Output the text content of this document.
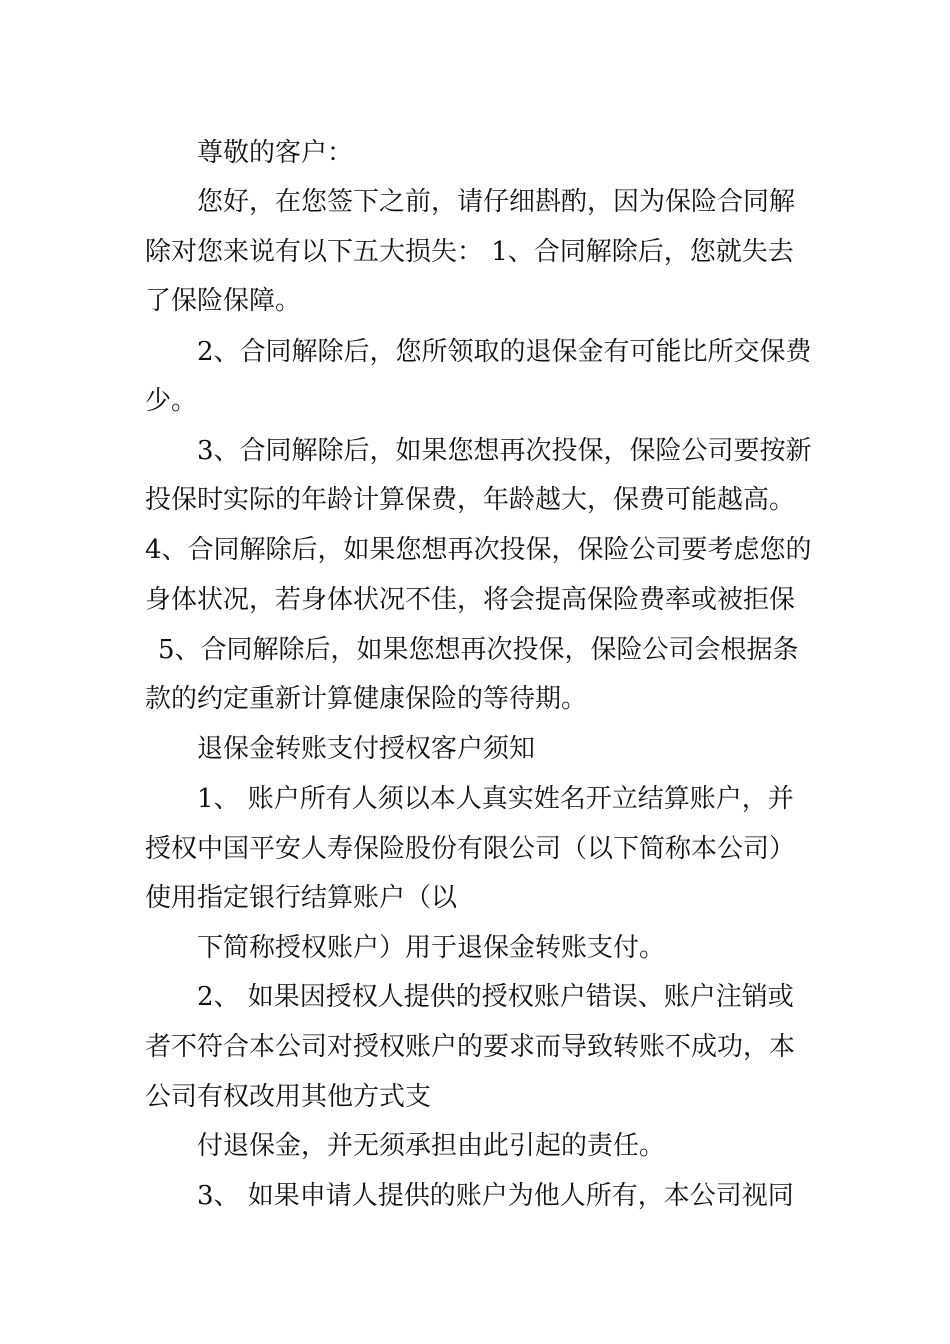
尊敬的客户：

您好，在您签下之前，请仔细斟酌，因为保险合同解

除对您来说有以下五大损失： 1、合同解除后，您就失去

了保险保障。

2、合同解除后，您所领取的退保金有可能比所交保费

少。

3、合同解除后，如果您想再次投保，保险公司要按新

投保时实际的年龄计算保费，年龄越大，保费可能越高。

4、合同解除后，如果您想再次投保，保险公司要考虑您的

身体状况，若身体状况不佳，将会提高保险费率或被拒保

5、合同解除后，如果您想再次投保，保险公司会根据条

款的约定重新计算健康保险的等待期。

退保金转账支付授权客户须知

1、 账户所有人须以本人真实姓名开立结算账户，并

授权中国平安人寿保险股份有限公司（以下简称本公司）

使用指定银行结算账户（以

下简称授权账户）用于退保金转账支付。

2、 如果因授权人提供的授权账户错误、账户注销或

者不符合本公司对授权账户的要求而导致转账不成功，本

公司有权改用其他方式支

付退保金，并无须承担由此引起的责任。

3、 如果申请人提供的账户为他人所有，本公司视同
